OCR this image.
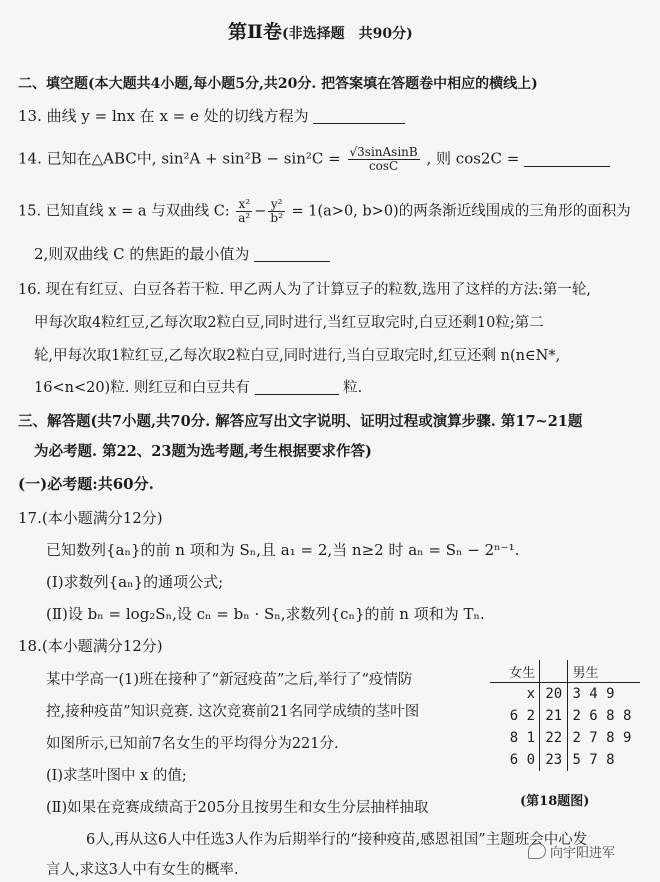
第Ⅱ卷(非选择题　共90分)
二、填空题(本大题共4小题,每小题5分,共20分. 把答案填在答题卷中相应的横线上)
13. 曲线 y = lnx 在 x = e 处的切线方程为
14. 已知在△ABC中, $\sin^2A + \sin^2B - \sin^2C = \frac{\text{√3sinAsinB}}{\cos C}$ , 则 cos2C =
15. 已知直线 x = a 与双曲线 C: $\frac{\text{x²}}{\text{a²}} - \frac{\text{y²}}{\text{b²}} = 1(a>0$, b>0)的两条渐近线围成的三角形的面积为
2,则双曲线 C 的焦距的最小值为
16. 现在有红豆、白豆各若干粒. 甲乙两人为了计算豆子的粒数,选用了这样的方法:第一轮,
甲每次取4粒红豆,乙每次取2粒白豆,同时进行,当红豆取完时,白豆还剩10粒;第二
轮,甲每次取1粒红豆,乙每次取2粒白豆,同时进行,当白豆取完时,红豆还剩 n(n∈N*,
16<n<20)粒. 则红豆和白豆共有	粒.
三、解答题(共7小题,共70分. 解答应写出文字说明、证明过程或演算步骤. 第17~21题
为必考题. 第22、23题为选考题,考生根据要求作答)
(一)必考题:共60分.
17.(本小题满分12分)
已知数列{aₙ}的前 n 项和为 Sₙ,且 a₁ = 2,当 n≥2 时 aₙ = Sₙ − 2ⁿ⁻¹.
(Ⅰ)求数列{aₙ}的通项公式;
(Ⅱ)设 bₙ = log₂Sₙ,设 cₙ = bₙ · Sₙ,求数列{cₙ}的前 n 项和为 Tₙ.
18.(本小题满分12分)
某中学高一(1)班在接种了“新冠疫苗”之后,举行了“疫情防
控,接种疫苗”知识竞赛. 这次竞赛前21名同学成绩的茎叶图
如图所示,已知前7名女生的平均得分为221分.
(Ⅰ)求茎叶图中 x 的值;
(Ⅱ)如果在竞赛成绩高于205分且按男生和女生分层抽样抽取
6人,再从这6人中任选3人作为后期举行的“接种疫苗,感恩祖国”主题班会中心发
言人,求这3人中有女生的概率.
女生		男生
x	20	3 4 9
6 2	21	2 6 8 8
8 1	22	2 7 8 9
6 0	23	5 7 8
(第18题图)
向宇阳进军
